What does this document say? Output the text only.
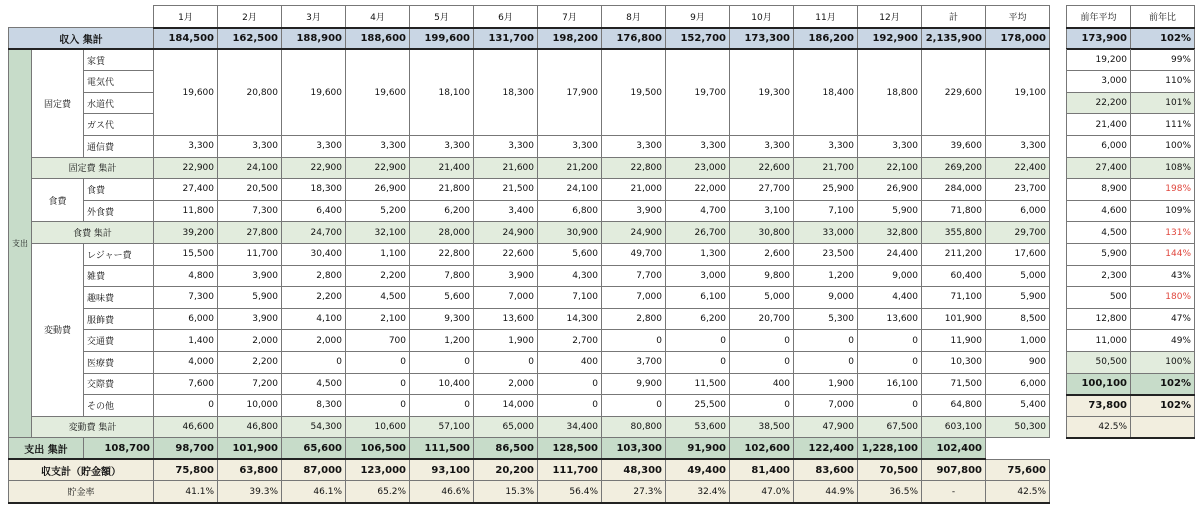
			1月	2月	3月	4月	5月	6月	7月	8月	9月	10月	11月	12月	計	平均
収入 集計			184,500	162,500	188,900	188,600	199,600	131,700	198,200	176,800	152,700	173,300	186,200	192,900	2,135,900	178,000
支出	固定費	家賃	19,600	20,800	19,600	19,600	18,100	18,300	17,900	19,500	19,700	19,300	18,400	18,800	229,600	19,100
		電気代														
		水道代														
		ガス代														
		通信費	3,300	3,300	3,300	3,300	3,300	3,300	3,300	3,300	3,300	3,300	3,300	3,300	39,600	3,300
	固定費 集計		22,900	24,100	22,900	22,900	21,400	21,600	21,200	22,800	23,000	22,600	21,700	22,100	269,200	22,400
	食費	食費	27,400	20,500	18,300	26,900	21,800	21,500	24,100	21,000	22,000	27,700	25,900	26,900	284,000	23,700
		外食費	11,800	7,300	6,400	5,200	6,200	3,400	6,800	3,900	4,700	3,100	7,100	5,900	71,800	6,000
	食費 集計		39,200	27,800	24,700	32,100	28,000	24,900	30,900	24,900	26,700	30,800	33,000	32,800	355,800	29,700
	変動費	レジャー費	15,500	11,700	30,400	1,100	22,800	22,600	5,600	49,700	1,300	2,600	23,500	24,400	211,200	17,600
		雑費	4,800	3,900	2,800	2,200	7,800	3,900	4,300	7,700	3,000	9,800	1,200	9,000	60,400	5,000
		趣味費	7,300	5,900	2,200	4,500	5,600	7,000	7,100	7,000	6,100	5,000	9,000	4,400	71,100	5,900
		服飾費	6,000	3,900	4,100	2,100	9,300	13,600	14,300	2,800	6,200	20,700	5,300	13,600	101,900	8,500
		交通費	1,400	2,000	2,000	700	1,200	1,900	2,700	0	0	0	0	0	11,900	1,000
		医療費	4,000	2,200	0	0	0	0	400	3,700	0	0	0	0	10,300	900
		交際費	7,600	7,200	4,500	0	10,400	2,000	0	9,900	11,500	400	1,900	16,100	71,500	6,000
		その他	0	10,000	8,300	0	0	14,000	0	0	25,500	0	7,000	0	64,800	5,400
	変動費 集計		46,600	46,800	54,300	10,600	57,100	65,000	34,400	80,800	53,600	38,500	47,900	67,500	603,100	50,300
支出 集計		108,700	98,700	101,900	65,600	106,500	111,500	86,500	128,500	103,300	91,900	102,600	122,400	1,228,100	102,400	
収支計（貯金額）			75,800	63,800	87,000	123,000	93,100	20,200	111,700	48,300	49,400	81,400	83,600	70,500	907,800	75,600
貯金率			41.1%	39.3%	46.1%	65.2%	46.6%	15.3%	56.4%	27.3%	32.4%	47.0%	44.9%	36.5%	-	42.5%
前年平均	前年比
173,900	102%
19,200	99%

3,000	110%
22,200	101%
21,400	111%
6,000	100%
27,400	108%
8,900	198%
4,600	109%
4,500	131%
5,900	144%
2,300	43%
500	180%
12,800	47%
11,000	49%
50,500	100%
100,100	102%
73,800	102%
42.5%	
